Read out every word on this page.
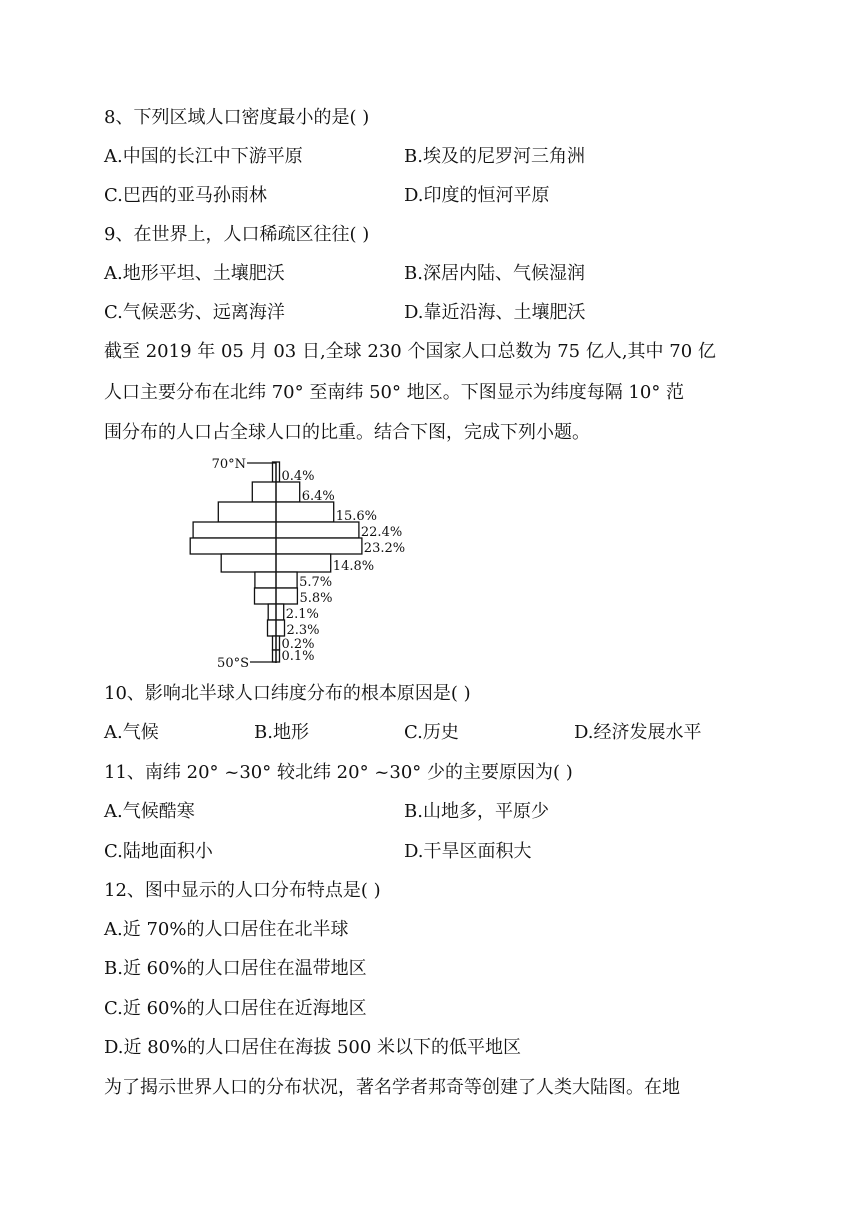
8、下列区域人口密度最小的是( )
A.中国的长江中下游平原	B.埃及的尼罗河三角洲
C.巴西的亚马孙雨林	D.印度的恒河平原
9、在世界上，人口稀疏区往往( )
A.地形平坦、土壤肥沃	B.深居内陆、气候湿润
C.气候恶劣、远离海洋	D.靠近沿海、土壤肥沃
截至 2019 年 05 月 03 日,全球 230 个国家人口总数为 75 亿人,其中 70 亿
人口主要分布在北纬 70° 至南纬 50° 地区。下图显示为纬度每隔 10° 范
围分布的人口占全球人口的比重。结合下图，完成下列小题。
0.4%
6.4%
15.6%
22.4%
23.2%
14.8%
5.7%
5.8%
2.1%
2.3%
0.2%
0.1%
70°N
50°S
10、影响北半球人口纬度分布的根本原因是( )
A.气候	B.地形	C.历史	D.经济发展水平
11、南纬 20° ~30° 较北纬 20° ~30° 少的主要原因为( )
A.气候酷寒	B.山地多，平原少
C.陆地面积小	D.干旱区面积大
12、图中显示的人口分布特点是( )
A.近 70%的人口居住在北半球
B.近 60%的人口居住在温带地区
C.近 60%的人口居住在近海地区
D.近 80%的人口居住在海拔 500 米以下的低平地区
为了揭示世界人口的分布状况，著名学者邦奇等创建了人类大陆图。在地
